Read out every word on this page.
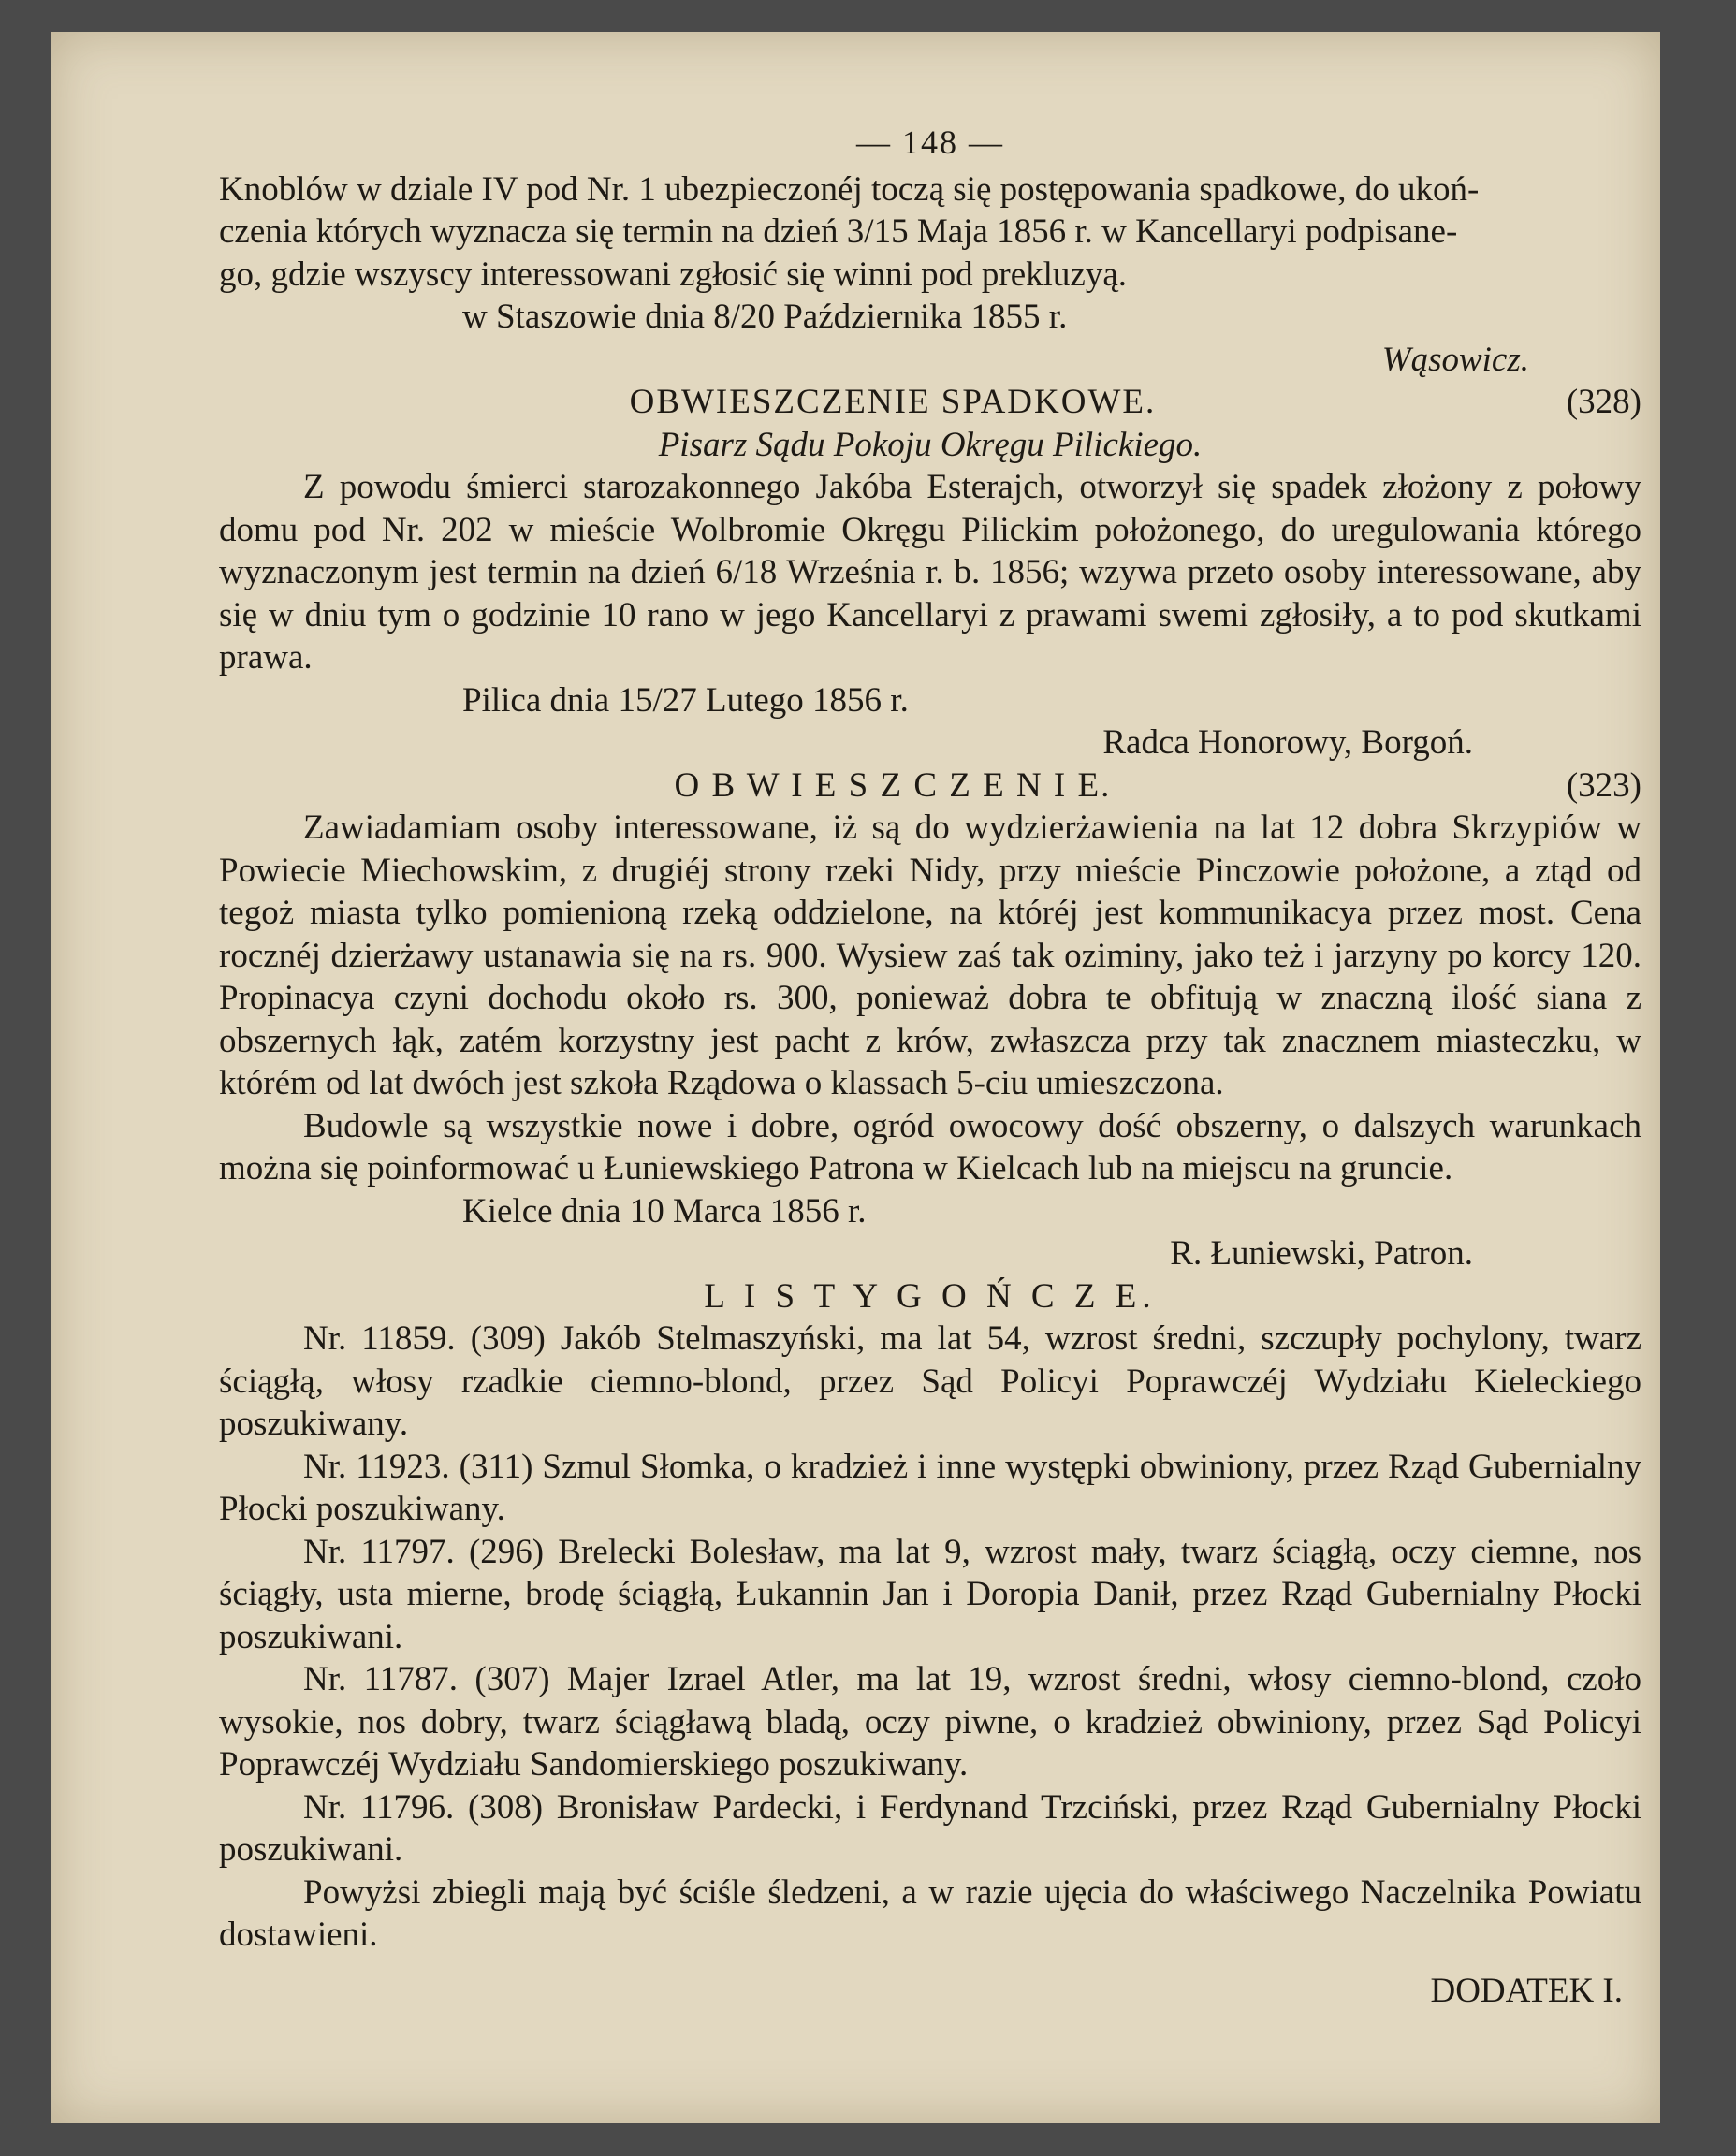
— 148 —

Knoblów w dziale IV pod Nr. 1 ubezpieczonéj toczą się postępowania spadkowe, do ukoń-

czenia których wyznacza się termin na dzień 3/15 Maja 1856 r. w Kancellaryi podpisane-

go, gdzie wszyscy interessowani zgłosić się winni pod prekluzyą.

w Staszowie dnia 8/20 Października 1855 r.

Wąsowicz.

OBWIESZCZENIE SPADKOWE.	(328)

Pisarz Sądu Pokoju Okręgu Pilickiego.

Z powodu śmierci starozakonnego Jakóba Esterajch, otworzył się spadek złożony z połowy domu pod Nr. 202 w mieście Wolbromie Okręgu Pilickim położonego, do uregulowania którego wyznaczonym jest termin na dzień 6/18 Września r. b. 1856; wzywa przeto osoby interessowane, aby się w dniu tym o godzinie 10 rano w jego Kancellaryi z prawami swemi zgłosiły, a to pod skutkami prawa.

Pilica dnia 15/27 Lutego 1856 r.

Radca Honorowy, Borgoń.

O B W I E S Z C Z E N I E.	(323)

Zawiadamiam osoby interessowane, iż są do wydzierżawienia na lat 12 dobra Skrzypiów w Powiecie Miechowskim, z drugiéj strony rzeki Nidy, przy mieście Pinczowie położone, a ztąd od tegoż miasta tylko pomienioną rzeką oddzielone, na któréj jest kommunikacya przez most. Cena rocznéj dzierżawy ustanawia się na rs. 900. Wysiew zaś tak oziminy, jako też i jarzyny po korcy 120. Propinacya czyni dochodu około rs. 300, ponieważ dobra te obfitują w znaczną ilość siana z obszernych łąk, zatém korzystny jest pacht z krów, zwłaszcza przy tak znacznem miasteczku, w którém od lat dwóch jest szkoła Rządowa o klassach 5-ciu umieszczona.

Budowle są wszystkie nowe i dobre, ogród owocowy dość obszerny, o dalszych warunkach można się poinformować u Łuniewskiego Patrona w Kielcach lub na miejscu na gruncie.

Kielce dnia 10 Marca 1856 r.

R. Łuniewski, Patron.

L I S T Y G O Ń C Z E.

Nr. 11859. (309) Jakób Stelmaszyński, ma lat 54, wzrost średni, szczupły pochylony, twarz ściągłą, włosy rzadkie ciemno-blond, przez Sąd Policyi Poprawczéj Wydziału Kieleckiego poszukiwany.

Nr. 11923. (311) Szmul Słomka, o kradzież i inne występki obwiniony, przez Rząd Gubernialny Płocki poszukiwany.

Nr. 11797. (296) Brelecki Bolesław, ma lat 9, wzrost mały, twarz ściągłą, oczy ciemne, nos ściągły, usta mierne, brodę ściągłą, Łukannin Jan i Doropia Danił, przez Rząd Gubernialny Płocki poszukiwani.

Nr. 11787. (307) Majer Izrael Atler, ma lat 19, wzrost średni, włosy ciemno-blond, czoło wysokie, nos dobry, twarz ściągławą bladą, oczy piwne, o kradzież obwiniony, przez Sąd Policyi Poprawczéj Wydziału Sandomierskiego poszukiwany.

Nr. 11796. (308) Bronisław Pardecki, i Ferdynand Trzciński, przez Rząd Gubernialny Płocki poszukiwani.

Powyżsi zbiegli mają być ściśle śledzeni, a w razie ujęcia do właściwego Naczelnika Powiatu dostawieni.

DODATEK I.
